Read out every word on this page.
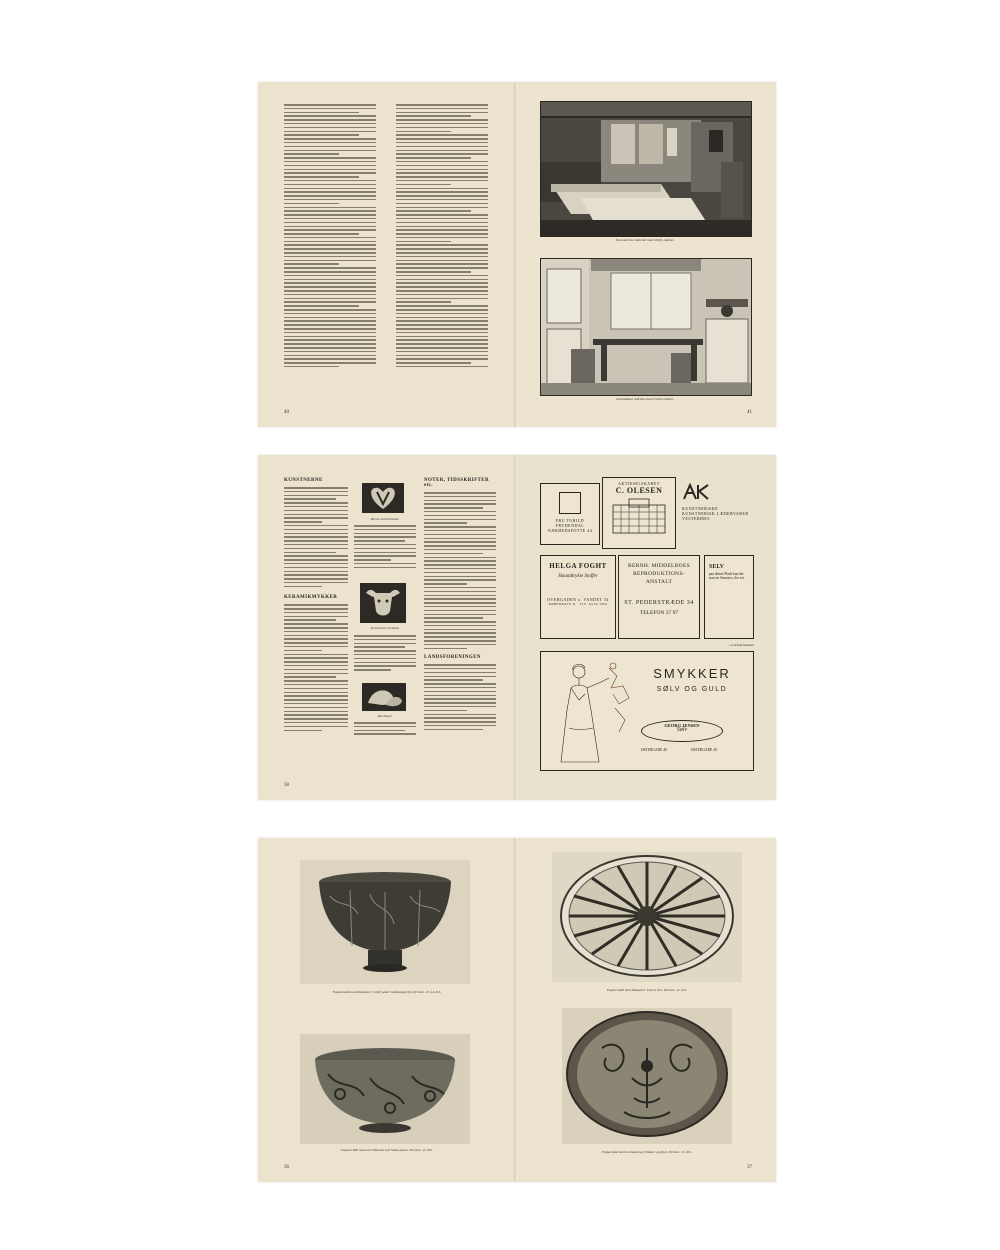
40
Sovevaerelse indrettet med Utility-møbler.
Spisekøkken indrettet med Utility-møbler.
41
KUNSTNERNE
KERAMIKMYKKER
Hjerte med Initialer.
Tyrehoved i keramik.
Muslinger.
NOTER, TIDSSKRIFTER etc.
LANDSFORENINGEN
38
FRU TORILD FRYDENDAL NÆRHEDSPOTTE 44
AKTIESELSKABET
C. OLESEN
KUNSTNERISKE
KUNSTNERISK LÆDERVARER
VESTERBRO
HELGA FOGHT
Haandtrykte Stoffer
OVERGADEN o. VANDET 34
KØBENHAVN K · TLF. ASTA 3364
BERNH. MIDDELBOES REPRODUKTIONS-ANSTALT
ST. PEDERSTRÆDE 34
TELEFON 37 97
SELV
paa denne Plads kan der staa en Annonce, der ses
— se Arnold Jakobsen
SMYKKER
SØLV OG GULD
GEORG JENSEN
Sølv
ØSTERGADE 40	ØSTERGADE 40
Fajanceskål med blåmaleri i relief under tonfalslaget fra Persien. 13-14. årh.
Fajanceskål med sort blåmaleri på hvide glasur. Persien. 13. årh.
36
Fajanceskål med blåmaleri. Irak 9. årh. Persien. 12. årh.
Fajancefad med sortmalning i blåtner og finer. Persien. 13. årh.
37
